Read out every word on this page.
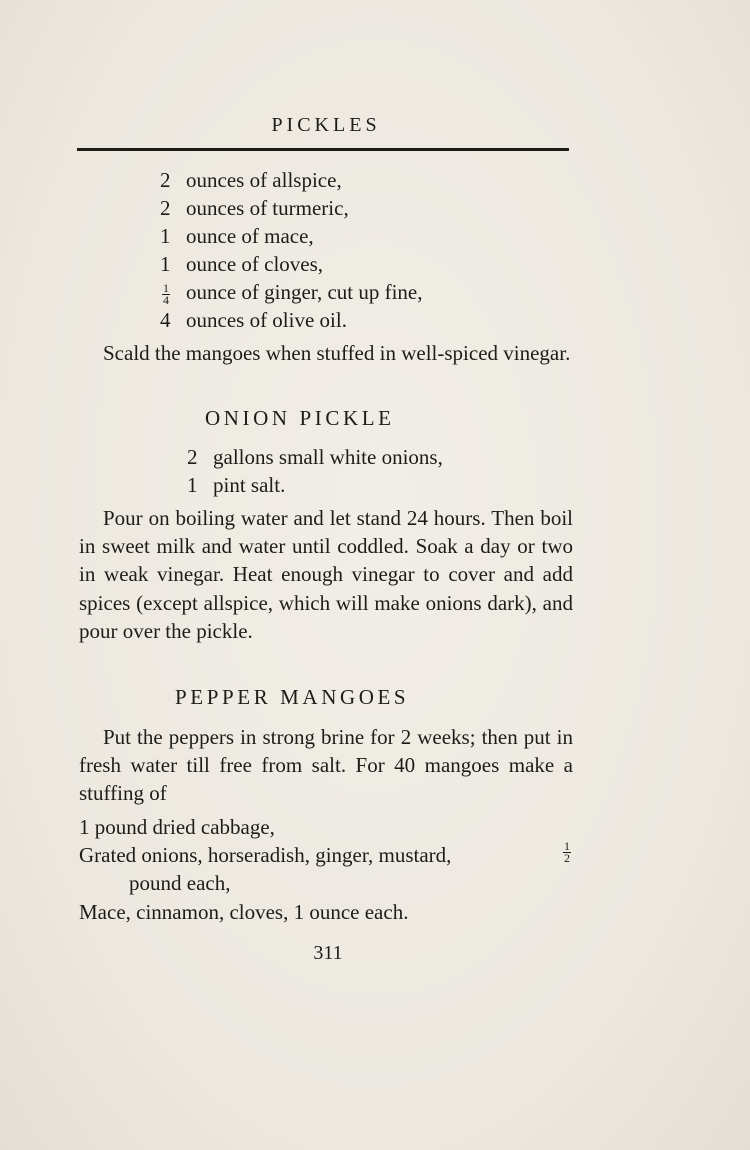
PICKLES
2 ounces of allspice,
2 ounces of turmeric,
1 ounce of mace,
1 ounce of cloves,
$\frac{1}{4}$ ounce of ginger, cut up fine,
4 ounces of olive oil.
Scald the mangoes when stuffed in well-spiced vinegar.
ONION PICKLE
2 gallons small white onions,
1 pint salt.
Pour on boiling water and let stand 24 hours. Then boil in sweet milk and water until coddled. Soak a day or two in weak vinegar. Heat enough vinegar to cover and add spices (except allspice, which will make onions dark), and pour over the pickle.
PEPPER MANGOES
Put the peppers in strong brine for 2 weeks; then put in fresh water till free from salt. For 40 mangoes make a stuffing of
1 pound dried cabbage,
Grated onions, horseradish, ginger, mustard,	$\frac{1}{2}$
pound each,
Mace, cinnamon, cloves, 1 ounce each.
311
